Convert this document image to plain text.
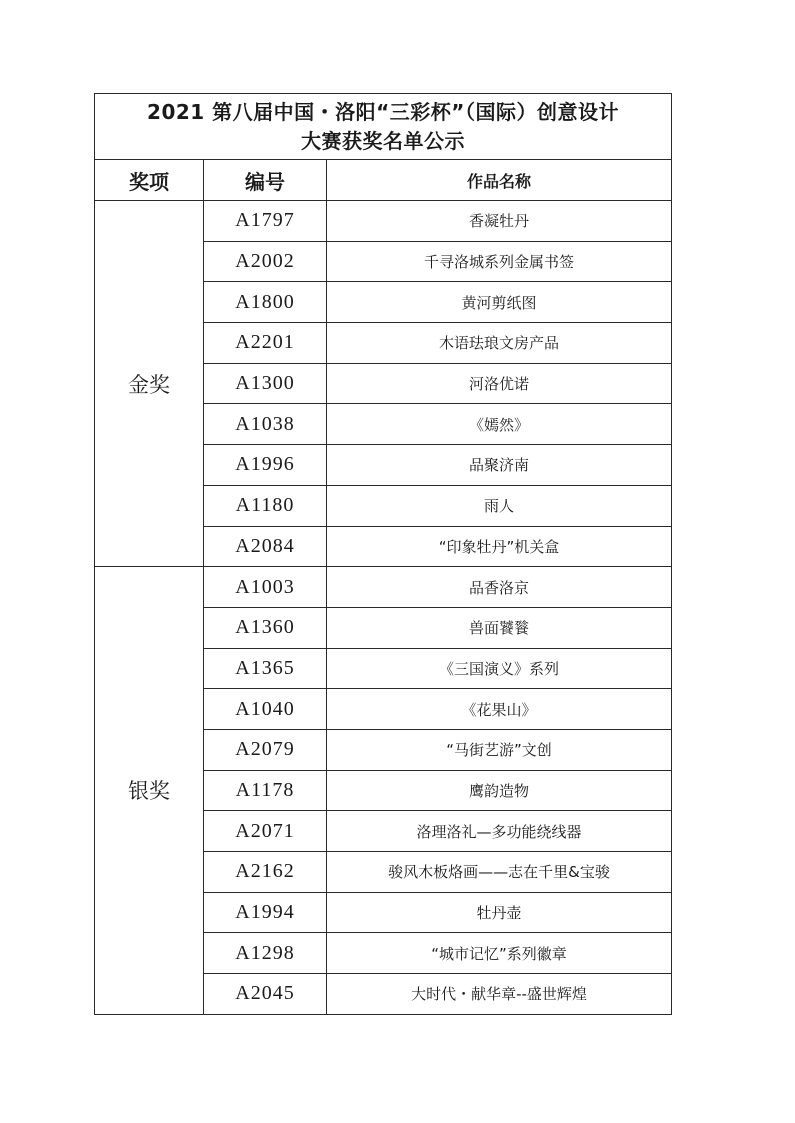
2021 第八届中国・洛阳“三彩杯”（国际）创意设计
大赛获奖名单公示		

奖项	编号	作品名称
金奖	A1797	香凝牡丹
	A2002	千寻洛城系列金属书签
	A1800	黄河剪纸图
	A2201	木语珐琅文房产品
	A1300	河洛优诺
	A1038	《嫣然》
	A1996	品聚济南
	A1180	雨人
	A2084	“印象牡丹”机关盒
银奖	A1003	品香洛京
	A1360	兽面饕餮
	A1365	《三国演义》系列
	A1040	《花果山》
	A2079	“马街艺游”文创
	A1178	鹰韵造物
	A2071	洛理洛礼—多功能绕线器
	A2162	骏风木板烙画——志在千里&宝骏
	A1994	牡丹壶
	A1298	“城市记忆”系列徽章
	A2045	大时代・献华章--盛世辉煌
